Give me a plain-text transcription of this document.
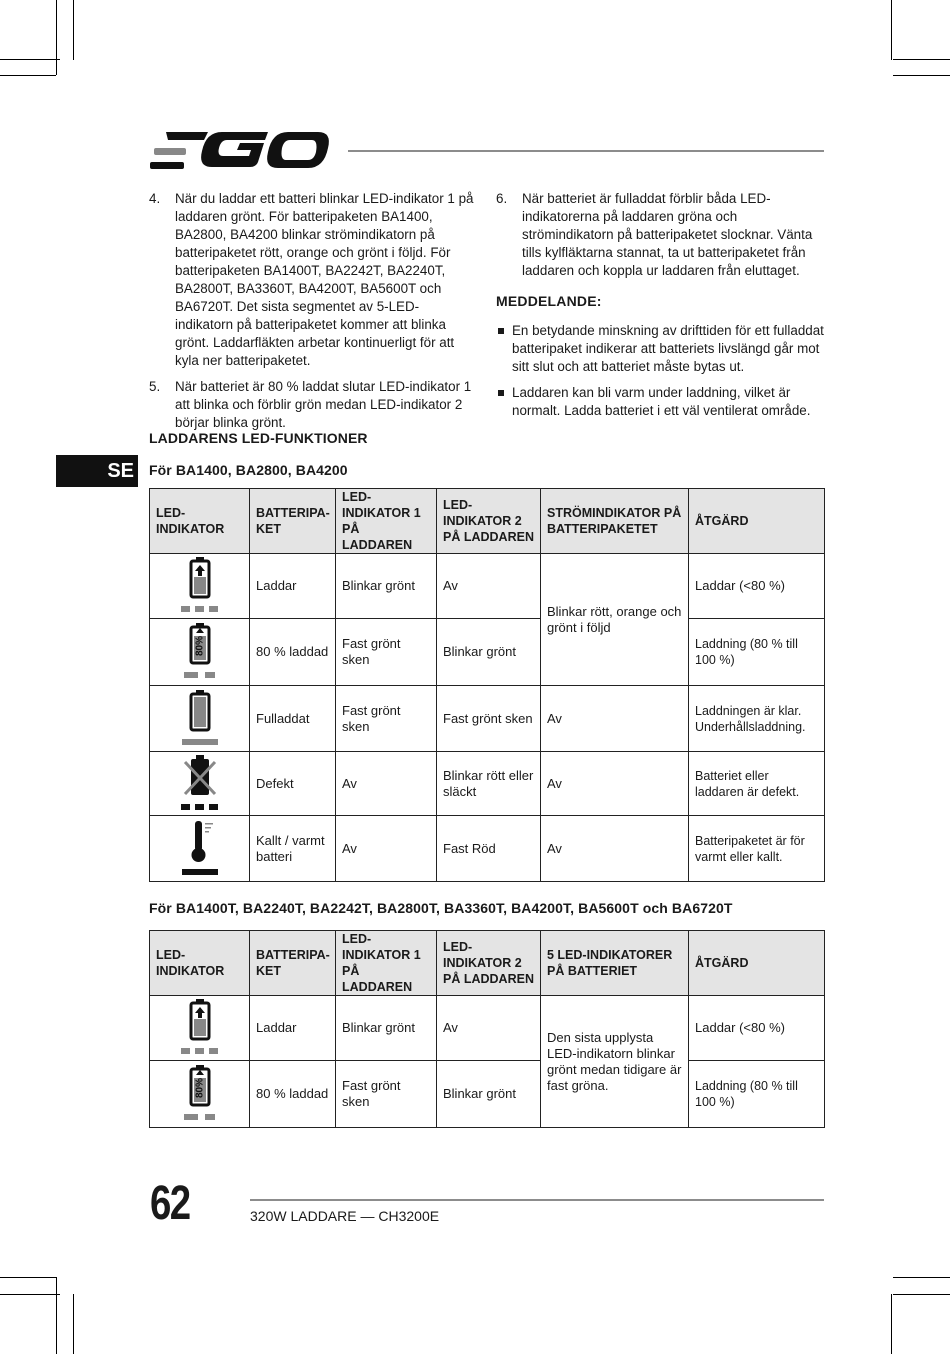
4. När du laddar ett batteri blinkar LED-indikator 1 på laddaren grönt. För batteripaketen BA1400, BA2800, BA4200 blinkar strömindikatorn på batteripaketet rött, orange och grönt i följd. För batteripaketen BA1400T, BA2242T, BA2240T, BA2800T, BA3360T, BA4200T, BA5600T och BA6720T. Det sista segmentet av 5-LED-indikatorn på batteripaketet kommer att blinka grönt. Laddarfläkten arbetar kontinuerligt för att kyla ner batteripaketet.
5. När batteriet är 80 % laddat slutar LED-indikator 1 att blinka och förblir grön medan LED-indikator 2 börjar blinka grönt.
6. När batteriet är fulladdat förblir båda LED-indikatorerna på laddaren gröna och strömindikatorn på batteripaketet slocknar. Vänta tills kylfläktarna stannat, ta ut batteripaketet från laddaren och koppla ur laddaren från eluttaget.
MEDDELANDE:
En betydande minskning av drifttiden för ett fulladdat batteripaket indikerar att batteriets livslängd går mot sitt slut och att batteriet måste bytas ut.
Laddaren kan bli varm under laddning, vilket är normalt. Ladda batteriet i ett väl ventilerat område.
LADDARENS LED-FUNKTIONER
SE För BA1400, BA2800, BA4200
LED-INDIKATOR	BATTERIPA-KET	LED-INDIKATOR 1 PÅ LADDAREN	LED-INDIKATOR 2 PÅ LADDAREN	STRÖMINDIKATOR PÅ BATTERIPAKETET	ÅTGÄRD
	Laddar	Blinkar grönt	Av	Blinkar rött, orange och grönt i följd	Laddar (<80 %)

80%	80 % laddad	Fast grönt sken	Blinkar grönt		Laddning (80 % till 100 %)
	Fulladdat	Fast grönt sken	Fast grönt sken	Av	Laddningen är klar. Underhållsladdning.
	Defekt	Av	Blinkar rött eller släckt	Av	Batteriet eller laddaren är defekt.
	Kallt / varmt batteri	Av	Fast Röd	Av	Batteripaketet är för varmt eller kallt.
För BA1400T, BA2240T, BA2242T, BA2800T, BA3360T, BA4200T, BA5600T och BA6720T
LED-INDIKATOR	BATTERIPA-KET	LED-INDIKATOR 1 PÅ LADDAREN	LED-INDIKATOR 2 PÅ LADDAREN	5 LED-INDIKATORER PÅ BATTERIET	ÅTGÄRD
	Laddar	Blinkar grönt	Av	Den sista upplysta LED-indikatorn blinkar grönt medan tidigare är fast gröna.	Laddar (<80 %)

80%	80 % laddad	Fast grönt sken	Blinkar grönt		Laddning (80 % till 100 %)
62	320W LADDARE — CH3200E
